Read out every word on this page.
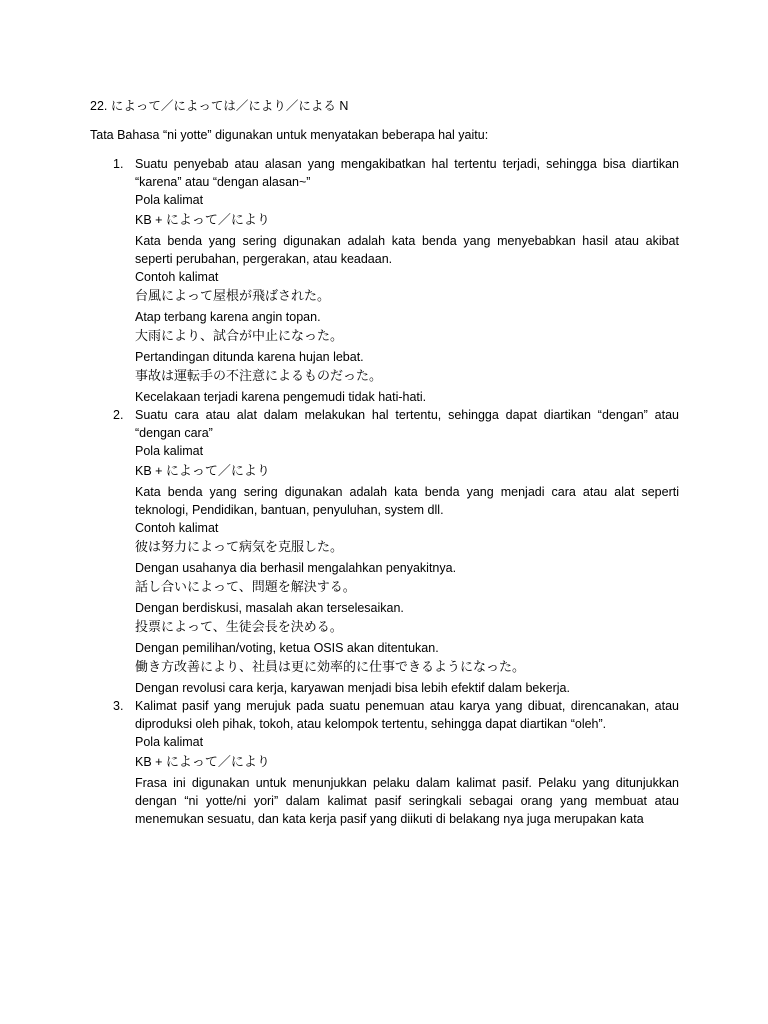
22. によって／によっては／により／による N
Tata Bahasa “ni yotte” digunakan untuk menyatakan beberapa hal yaitu:
1. Suatu penyebab atau alasan yang mengakibatkan hal tertentu terjadi, sehingga bisa diartikan “karena” atau “dengan alasan~”

Pola kalimat

KB + によって／により

Kata benda yang sering digunakan adalah kata benda yang menyebabkan hasil atau akibat seperti perubahan, pergerakan, atau keadaan.

Contoh kalimat

台風によって屋根が飛ばされた。

Atap terbang karena angin topan.

大雨により、試合が中止になった。

Pertandingan ditunda karena hujan lebat.

事故は運転手の不注意によるものだった。

Kecelakaan terjadi karena pengemudi tidak hati-hati.

2. Suatu cara atau alat dalam melakukan hal tertentu, sehingga dapat diartikan “dengan” atau “dengan cara”

Pola kalimat

KB + によって／により

Kata benda yang sering digunakan adalah kata benda yang menjadi cara atau alat seperti teknologi, Pendidikan, bantuan, penyuluhan, system dll.

Contoh kalimat

彼は努力によって病気を克服した。

Dengan usahanya dia berhasil mengalahkan penyakitnya.

話し合いによって、問題を解決する。

Dengan berdiskusi, masalah akan terselesaikan.

投票によって、生徒会長を決める。

Dengan pemilihan/voting, ketua OSIS akan ditentukan.

働き方改善により、社員は更に効率的に仕事できるようになった。

Dengan revolusi cara kerja, karyawan menjadi bisa lebih efektif dalam bekerja.

3. Kalimat pasif yang merujuk pada suatu penemuan atau karya yang dibuat, direncanakan, atau diproduksi oleh pihak, tokoh, atau kelompok tertentu, sehingga dapat diartikan “oleh”.

Pola kalimat

KB + によって／により

Frasa ini digunakan untuk menunjukkan pelaku dalam kalimat pasif. Pelaku yang ditunjukkan dengan “ni yotte/ni yori” dalam kalimat pasif seringkali sebagai orang yang membuat atau menemukan sesuatu, dan kata kerja pasif yang diikuti di belakang nya juga merupakan kata
